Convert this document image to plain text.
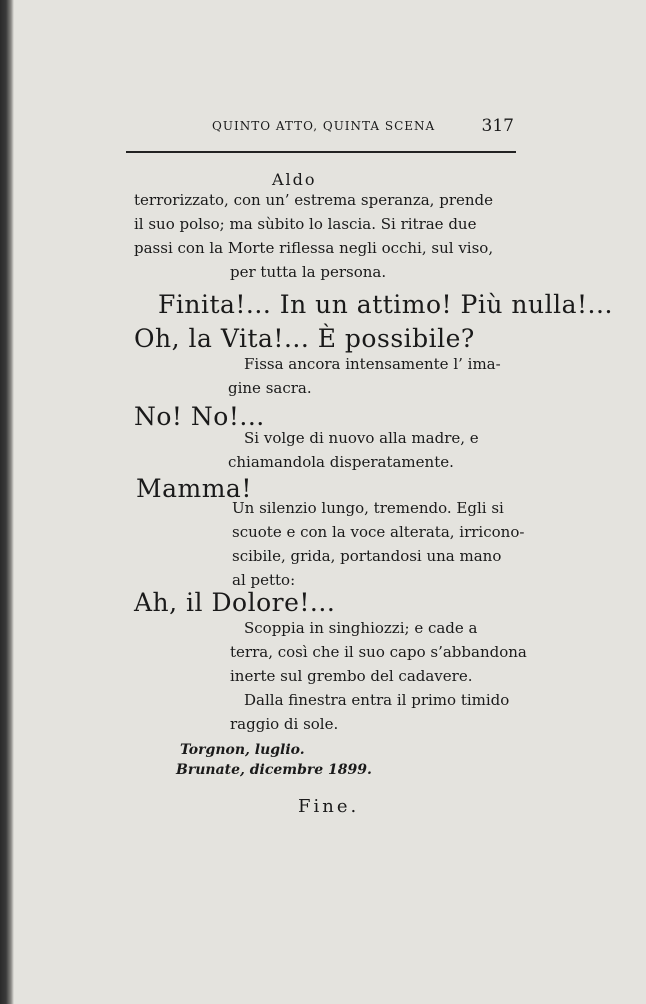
QUINTO ATTO, QUINTA SCENA	317
Aldo
terrorizzato, con un’ estrema speranza, prende
il suo polso; ma sùbito lo lascia. Si ritrae due
passi con la Morte riflessa negli occhi, sul viso,
per tutta la persona.
Finita!... In un attimo! Più nulla!...
Oh, la Vita!... È possibile?
Fissa ancora intensamente l’ ima-
gine sacra.
No! No!...
Si volge di nuovo alla madre, e
chiamandola disperatamente.
Mamma!
Un silenzio lungo, tremendo. Egli si
scuote e con la voce alterata, irricono-
scibile, grida, portandosi una mano
al petto:
Ah, il Dolore!...
Scoppia in singhiozzi; e cade a
terra, così che il suo capo s’abbandona
inerte sul grembo del cadavere.
Dalla finestra entra il primo timido
raggio di sole.
Torgnon, luglio.
Brunate, dicembre 1899.
Fine.
